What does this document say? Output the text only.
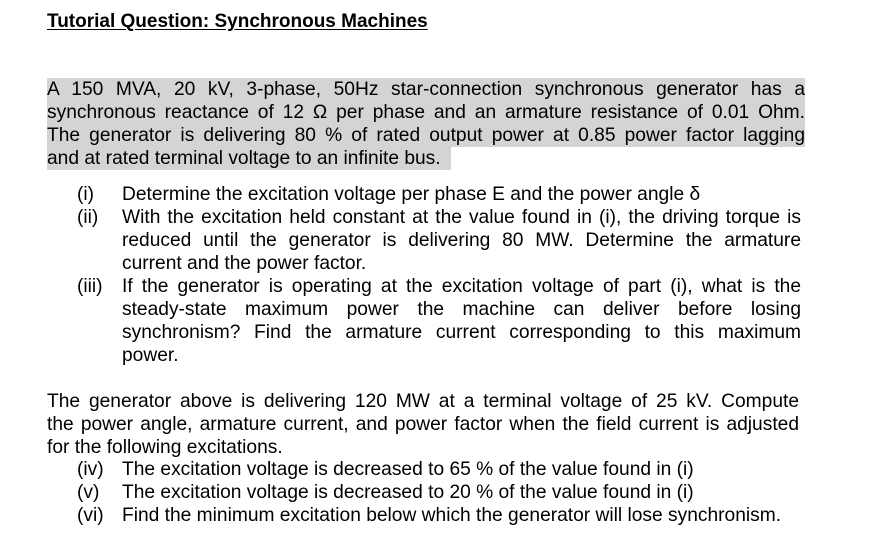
Tutorial Question: Synchronous Machines
A 150 MVA, 20 kV, 3-phase, 50Hz star-connection synchronous generator has a synchronous reactance of 12 Ω per phase and an armature resistance of 0.01 Ohm. The generator is delivering 80 % of rated output power at 0.85 power factor lagging
and at rated terminal voltage to an infinite bus.
(i) Determine the excitation voltage per phase E and the power angle δ
(ii) With the excitation held constant at the value found in (i), the driving torque is
reduced until the generator is delivering 80 MW. Determine the armature
current and the power factor.
(iii) If the generator is operating at the excitation voltage of part (i), what is the
steady-state maximum power the machine can deliver before losing
synchronism? Find the armature current corresponding to this maximum
power.
The generator above is delivering 120 MW at a terminal voltage of 25 kV. Compute
the power angle, armature current, and power factor when the field current is adjusted
for the following excitations.
(iv) The excitation voltage is decreased to 65 % of the value found in (i)
(v) The excitation voltage is decreased to 20 % of the value found in (i)
(vi) Find the minimum excitation below which the generator will lose synchronism.
